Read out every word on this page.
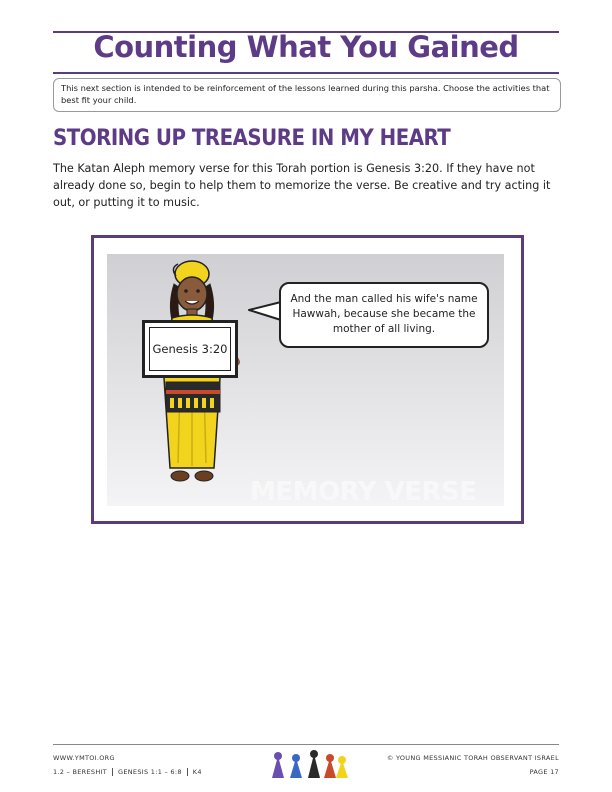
Counting What You Gained
This next section is intended to be reinforcement of the lessons learned during this parsha. Choose the activities that best fit your child.
STORING UP TREASURE IN MY HEART
The Katan Aleph memory verse for this Torah portion is Genesis 3:20. If they have not already done so, begin to help them to memorize the verse. Be creative and try acting it out, or putting it to music.
MEMORY VERSE
Genesis 3:20
And the man called his wife's name Hawwah, because she became the mother of all living.
WWW.YMTOI.ORG
1.2 – BERESHIT GENESIS 1:1 – 6:8 K4
© YOUNG MESSIANIC TORAH OBSERVANT ISRAEL
PAGE 17
